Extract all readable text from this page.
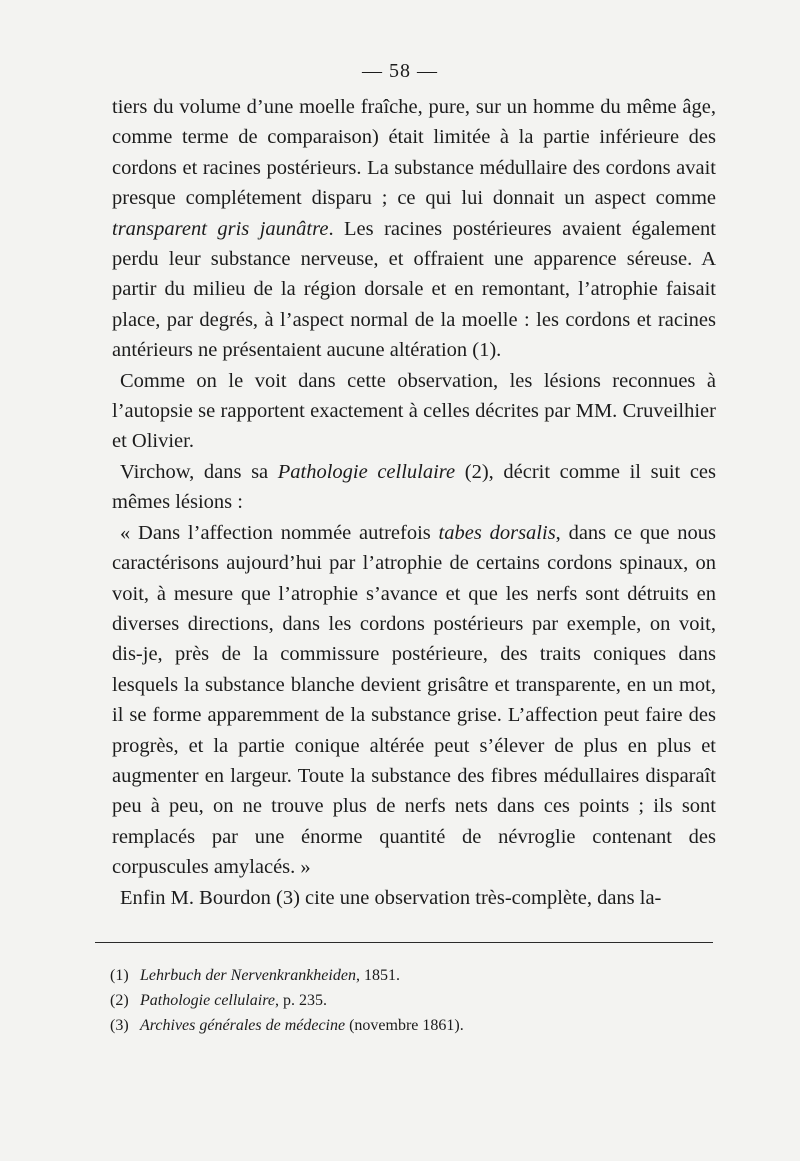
— 58 —

tiers du volume d’une moelle fraîche, pure, sur un homme du même âge, comme terme de comparaison) était limitée à la partie inférieure des cordons et racines postérieurs. La substance médullaire des cordons avait presque complétement disparu ; ce qui lui donnait un aspect comme transparent gris jaunâtre. Les racines postérieures avaient également perdu leur substance nerveuse, et offraient une apparence séreuse. A partir du milieu de la région dorsale et en remontant, l’atrophie faisait place, par degrés, à l’aspect normal de la moelle : les cordons et racines antérieurs ne présentaient aucune altération (1).

Comme on le voit dans cette observation, les lésions reconnues à l’autopsie se rapportent exactement à celles décrites par MM. Cruveilhier et Olivier.

Virchow, dans sa Pathologie cellulaire (2), décrit comme il suit ces mêmes lésions :

« Dans l’affection nommée autrefois tabes dorsalis, dans ce que nous caractérisons aujourd’hui par l’atrophie de certains cordons spinaux, on voit, à mesure que l’atrophie s’avance et que les nerfs sont détruits en diverses directions, dans les cordons postérieurs par exemple, on voit, dis-je, près de la commissure postérieure, des traits coniques dans lesquels la substance blanche devient grisâtre et transparente, en un mot, il se forme apparemment de la substance grise. L’affection peut faire des progrès, et la partie conique altérée peut s’élever de plus en plus et augmenter en largeur. Toute la substance des fibres médullaires disparaît peu à peu, on ne trouve plus de nerfs nets dans ces points ; ils sont remplacés par une énorme quantité de névroglie contenant des corpuscules amylacés. »

Enfin M. Bourdon (3) cite une observation très-complète, dans la-

(1) Lehrbuch der Nervenkrankheiden, 1851.
(2) Pathologie cellulaire, p. 235.
(3) Archives générales de médecine (novembre 1861).
